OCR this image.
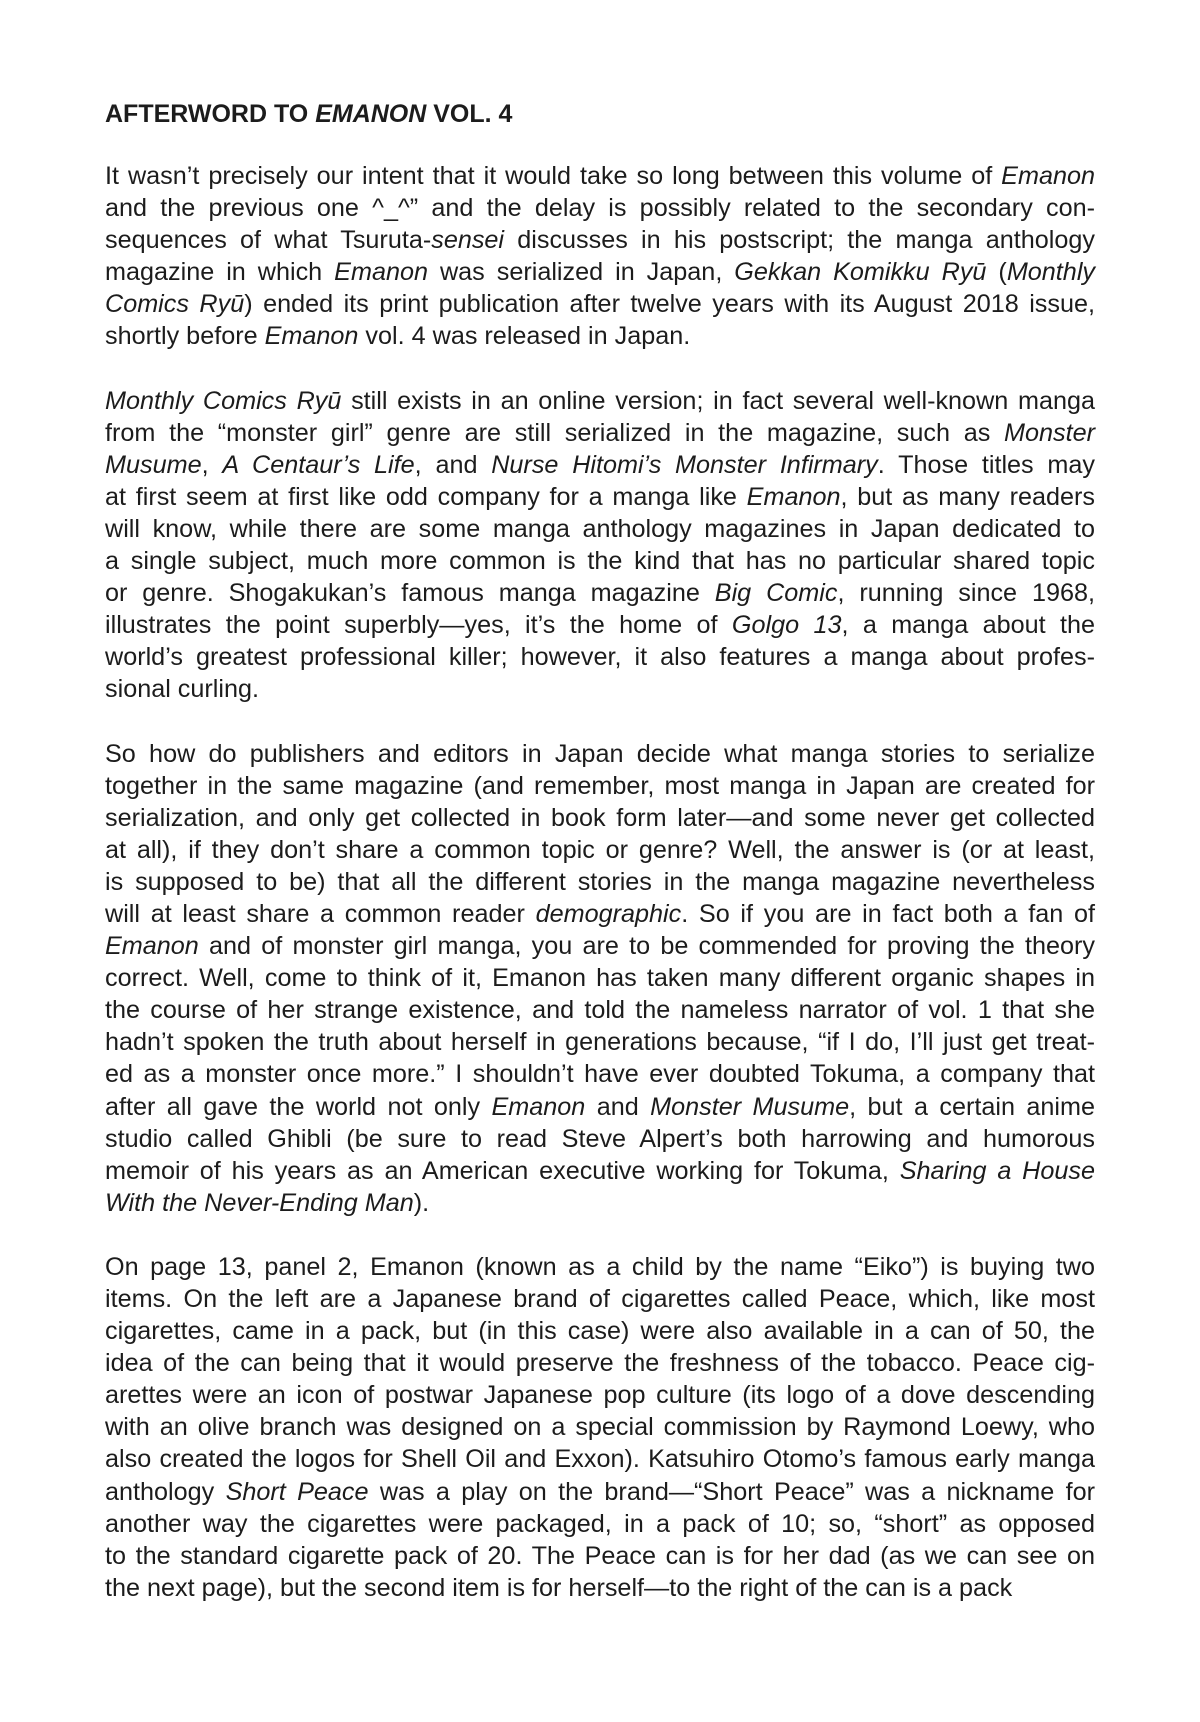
AFTERWORD TO EMANON VOL. 4
It wasn’t precisely our intent that it would take so long between this volume of Emanon
and the previous one ^_^” and the delay is possibly related to the secondary con-
sequences of what Tsuruta-sensei discusses in his postscript; the manga anthology
magazine in which Emanon was serialized in Japan, Gekkan Komikku Ryū (Monthly
Comics Ryū) ended its print publication after twelve years with its August 2018 issue,
shortly before Emanon vol. 4 was released in Japan.
Monthly Comics Ryū still exists in an online version; in fact several well-known manga
from the “monster girl” genre are still serialized in the magazine, such as Monster
Musume, A Centaur’s Life, and Nurse Hitomi’s Monster Infirmary. Those titles may
at first seem at first like odd company for a manga like Emanon, but as many readers
will know, while there are some manga anthology magazines in Japan dedicated to
a single subject, much more common is the kind that has no particular shared topic
or genre. Shogakukan’s famous manga magazine Big Comic, running since 1968,
illustrates the point superbly—yes, it’s the home of Golgo 13, a manga about the
world’s greatest professional killer; however, it also features a manga about profes-
sional curling.
So how do publishers and editors in Japan decide what manga stories to serialize
together in the same magazine (and remember, most manga in Japan are created for
serialization, and only get collected in book form later—and some never get collected
at all), if they don’t share a common topic or genre? Well, the answer is (or at least,
is supposed to be) that all the different stories in the manga magazine nevertheless
will at least share a common reader demographic. So if you are in fact both a fan of
Emanon and of monster girl manga, you are to be commended for proving the theory
correct. Well, come to think of it, Emanon has taken many different organic shapes in
the course of her strange existence, and told the nameless narrator of vol. 1 that she
hadn’t spoken the truth about herself in generations because, “if I do, I’ll just get treat-
ed as a monster once more.” I shouldn’t have ever doubted Tokuma, a company that
after all gave the world not only Emanon and Monster Musume, but a certain anime
studio called Ghibli (be sure to read Steve Alpert’s both harrowing and humorous
memoir of his years as an American executive working for Tokuma, Sharing a House
With the Never-Ending Man).
On page 13, panel 2, Emanon (known as a child by the name “Eiko”) is buying two
items. On the left are a Japanese brand of cigarettes called Peace, which, like most
cigarettes, came in a pack, but (in this case) were also available in a can of 50, the
idea of the can being that it would preserve the freshness of the tobacco. Peace cig-
arettes were an icon of postwar Japanese pop culture (its logo of a dove descending
with an olive branch was designed on a special commission by Raymond Loewy, who
also created the logos for Shell Oil and Exxon). Katsuhiro Otomo’s famous early manga
anthology Short Peace was a play on the brand—“Short Peace” was a nickname for
another way the cigarettes were packaged, in a pack of 10; so, “short” as opposed
to the standard cigarette pack of 20. The Peace can is for her dad (as we can see on
the next page), but the second item is for herself—to the right of the can is a pack
